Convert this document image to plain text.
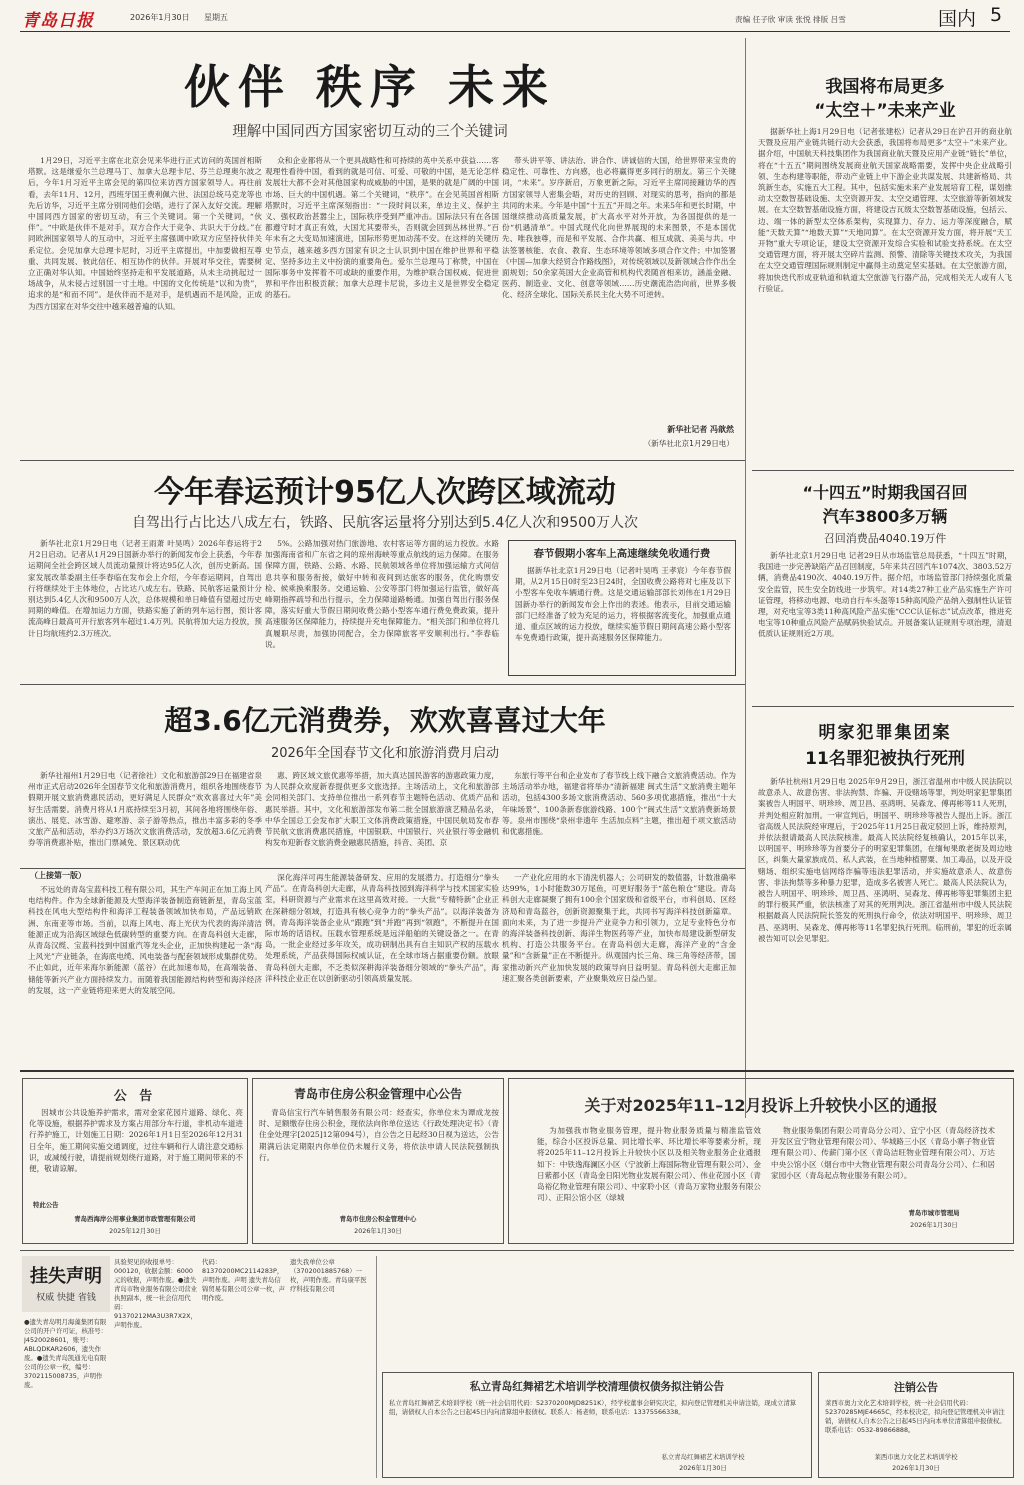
青岛日报	2026年1月30日	星期五	责编 任子欣 审读 张悦 排版 吕雪	国内 5
伙伴 秩序 未来
理解中国同西方国家密切互动的三个关键词

1月29日，习近平主席在北京会见来华进行正式访问的英国首相斯塔默。这是继爱尔兰总理马丁、加拿大总理卡尼、芬兰总理奥尔波之后，今年1月习近平主席会见的第四位来访西方国家领导人。再往前看，去年11月、12月，西班牙国王费利佩六世、法国总统马克龙等也先后访华，习近平主席分别同他们会晤，进行了深入友好交流。理解中国同西方国家的密切互动，有三个关键词。第一个关键词，“伙伴”。“中欧是伙伴不是对手，双方合作大于竞争、共识大于分歧。”在同欧洲国家领导人的互动中，习近平主席强调中欧双方应坚持伙伴关系定位。会见加拿大总理卡尼时，习近平主席提出，中加要做相互尊重、共同发展、彼此信任、相互协作的伙伴。开展对华交往，需要树立正确对华认知。中国始终坚持走和平发展道路，从未主动挑起过一场战争，从未侵占过别国一寸土地。中国的文化传统是“以和为贵”，追求的是“和而不同”。是伙伴而不是对手，是机遇而不是风险，正成为西方国家在对华交往中越来越普遍的认知。

众和企业都将从一个更具战略性和可持续的英中关系中获益……客观理性看待中国，看到的就是可信、可爱、可敬的中国，是无论怎样发展壮大都不会对其他国家构成威胁的中国，是果的就是广阔的中国市场、巨大的中国机遇。第二个关键词，“秩序”。在会见英国首相斯塔默时，习近平主席深刻指出：“一段时间以来，单边主义、保护主义、强权政治甚嚣尘上，国际秩序受到严重冲击。国际法只有在各国都遵守时才真正有效，大国尤其要带头，否则就会回到丛林世界。”百年未有之大变局加速演进，国际形势更加动荡不安。在这样的关键历史节点，越来越多西方国家有识之士认识到中国在维护世界和平稳定、坚持多边主义中扮演的重要角色。爱尔兰总理马丁称赞，中国在国际事务中发挥着不可或缺的重要作用，为维护联合国权威、促进世界和平作出积极贡献；加拿大总理卡尼说，多边主义是世界安全稳定的基石。

带头讲平等、讲法治、讲合作、讲诚信的大国，给世界带来宝贵的稳定性、可靠性、方向感，也必将赢得更多同行的朋友。第三个关键词，“未来”。岁序新启，万象更新之际，习近平主席同接踵访华的西方国家领导人密集会晤，对历史的回顾、对现实的思考，指向的都是共同的未来。今年是中国“十五五”开局之年。未来5年和更长时期，中国继续推动高质量发展，扩大高水平对外开放，为各国提供的是一份“机遇清单”。中国式现代化向世界展现的未来图景，不是本国优先、唯我独尊，而是和平发展、合作共赢、相互成就、美美与共。中法签署核能、农食、教育、生态环境等领域多项合作文件；中加签署《中国—加拿大经贸合作路线图》，对传统领域以及新领域合作作出全面规划；50余家英国大企业高管和机构代表随首相来访，涵盖金融、医药、制造业、文化、创意等领域……历史潮流浩浩向前，世界多极化、经济全球化、国际关系民主化大势不可逆转。

新华社记者 冯歆然
（新华社北京1月29日电）
我国将布局更多
“太空＋”未来产业

据新华社上海1月29日电（记者张建松）记者从29日在沪召开的商业航天暨及应用产业链共链行动大会获悉，我国将布局更多“太空＋”未来产业。据介绍，中国航天科技集团作为我国商业航天暨及应用产业链“链长”单位，将在“十五五”期间围绕发展商业航天国家战略需要，发挥中央企业战略引领、生态构建等职能，带动产业链上中下游企业共谋发展、共建新格局、共筑新生态，实施五大工程。其中，包括实施未来产业发展培育工程，谋划推动太空数智基础设施、太空资源开发、太空交通管理、太空旅游等新领域发展。在太空数智基础设施方面，将建设吉瓦级太空数智基础设施，包括云、边、端一体的新型太空体系架构，实现算力、存力、运力等深度融合，赋能“天数天算”“地数天算”“天地同算”。在太空资源开发方面，将开展“天工开物”重大专项论证，建设太空资源开发综合实验和试验支持系统。在太空交通管理方面，将开展太空碎片监测、预警、清除等关键技术攻关，为我国在太空交通管理国际规则制定中赢得主动奠定坚实基础。在太空旅游方面，将加快迭代形成亚轨道和轨道太空旅游飞行器产品，完成相关无人或有人飞行验证。

今年春运预计95亿人次跨区域流动
自驾出行占比达八成左右，铁路、民航客运量将分别达到5.4亿人次和9500万人次

新华社北京1月29日电（记者王雨萧 叶昊鸣）2026年春运将于2月2日启动。记者从1月29日国新办举行的新闻发布会上获悉，今年春运期间全社会跨区域人员流动量预计将达95亿人次，创历史新高。国家发展改革委副主任李春临在发布会上介绍，今年春运期间，自驾出行将继续处于主体地位，占比达八成左右。铁路、民航客运量预计分别达到5.4亿人次和9500万人次，总体规模和单日峰值有望超过历史同期的峰值。在增加运力方面，铁路实施了新的列车运行图，预计客流高峰日最高可开行旅客列车超过1.4万列。民航将加大运力投放，预计日均航班约2.3万班次。

5%。公路加强对热门旅游地、农村客运等方面的运力投放。水路加强海南省和广东省之间的琼州海峡等重点航线的运力保障。在服务保障方面，铁路、公路、水路、民航领域各单位将加强运输方式间信息共享和服务衔接，做好中转和夜间到达旅客的服务，优化购票安检、候乘换乘服务。交通运输、公安等部门将加强运行监管，做好高峰期指挥疏导和出行提示，全力保障道路畅通。加强自驾出行服务保障，落实好重大节假日期间收费公路小型客车通行费免费政策，提升高速服务区保障能力，持续提升充电保障能力。“相关部门和单位将几真履职尽责，加强协同配合，全力保障旅客平安顺利出行。”李春临说。

春节假期小客车上高速继续免收通行费

据新华社北京1月29日电（记者叶昊鸣 王孝宸）今年春节假期，从2月15日0时至23日24时，全国收费公路将对七座及以下小型客车免收车辆通行费。这是交通运输部部长刘伟在1月29日国新办举行的新闻发布会上作出的表述。他表示，目前交通运输部门已经准备了较为充足的运力，将根据客流变化，加强重点通道、重点区域的运力投放，继续实施节假日期间高速公路小型客车免费通行政策，提升高速服务区保障能力。

“十四五”时期我国召回
汽车3800多万辆
召回消费品4040.19万件

新华社北京1月29日电 记者29日从市场监管总局获悉，“十四五”时期，我国进一步完善缺陷产品召回制度，5年来共召回汽车1074次、3803.52万辆，消费品4190次、4040.19万件。据介绍，市场监管部门持续强化质量安全监管，民生安全防线进一步筑牢。对14类27种工业产品实施生产许可证管理，将移动电源、电动自行车头盔等15种高风险产品纳入强制性认证管理，对充电宝等3类11种高风险产品实施“CCC认证标志”试点改革，推进充电宝等10种重点风险产品赋码快验试点。开展备案认证规则专项治理，清退低质认证规则近2万项。

超3.6亿元消费券，欢欢喜喜过大年
2026年全国春节文化和旅游消费月启动

新华社福州1月29日电（记者徐社）文化和旅游部29日在福建省泉州市正式启动2026年全国春节文化和旅游消费月，组织各地围绕春节假期开展文旅消费惠民活动，更好满足人民群众“欢欢喜喜过大年”美好生活需要。消费月将从1月底持续至3月初，其间各地将围绕年俗、演出、展览、冰雪游、避寒游、亲子游等热点，推出丰富多彩的冬季文旅产品和活动，举办约3万场次文旅消费活动，发放超3.6亿元消费券等消费惠补贴，推出门票减免、景区联动优

惠、跨区域文旅优惠等举措，加大真达国民游客的游惠政策力度，为人民群众欢度新春提供更多文旅选择。主场活动上，文化和旅游部会同相关部门、支持单位推出一系列春节主题特色活动、优质产品和惠民举措。其中，文化和旅游部发布第二批全国旅游演艺精品名录，中华全国总工会发布扩大职工文体消费政策措施，中国民航局发布春节民航文旅消费惠民措施，中国银联、中国银行、兴业银行等金融机构发布迎新春文旅消费金融惠民措施，抖音、美团、京

东旅行等平台和企业发布了春节线上线下融合文旅消费活动。作为主场活动举办地，福建省将举办“清新福建 闽式生活”文旅消费主题年活动，包括4300多场文旅消费活动、560多项优惠措施，推出“十大年味场景”、100条新春旅游线路、100个“闽式生活”文旅消费新场景等。泉州市围绕“泉州非遗年 生活加点料”主题，推出超千项文旅活动和优惠措施。

明家犯罪集团案
11名罪犯被执行死刑

新华社杭州1月29日电 2025年9月29日，浙江省温州市中级人民法院以故意杀人、故意伤害、非法拘禁、诈骗、开设赌场等罪，判处明家犯罪集团案被告人明国平、明珍珍、周卫昌、巫鸿明、吴森龙、傅再彬等11人死刑，并判处相应附加刑。一审宣判后，明国平、明珍珍等被告人提出上诉。浙江省高级人民法院经审理后，于2025年11月25日裁定驳回上诉，维持原判，并依法报请最高人民法院核准。最高人民法院经复核确认，2015年以来，以明国平、明珍珍等为首要分子的明家犯罪集团，在缅甸果敢老街及周边地区，纠集大量家族成员、私人武装，在当地种植罂粟、加工毒品，以及开设赌场、组织实施电信网络诈骗等违法犯罪活动，并实施故意杀人、故意伤害、非法拘禁等多种暴力犯罪，造成多名被害人死亡。最高人民法院认为，被告人明国平、明珍珍、周卫昌、巫鸿明、吴森龙、傅再彬等犯罪集团主犯的罪行极其严重，依法核准了对其的死刑判决。浙江省温州市中级人民法院根据最高人民法院院长签发的死刑执行命令，依法对明国平、明珍珍、周卫昌、巫鸿明、吴森龙、傅再彬等11名罪犯执行死刑。临刑前，罪犯的近亲属被告知可以会见罪犯。

（上接第一版）

不远处的青岛宝蓝科技工程有限公司，其生产车间正在加工海上风电结构件。作为全球新能源及大型海洋装备制造商链新星，青岛宝蓝科技在风电大型结构件和海洋工程装备领域加快布局，产品远销欧洲、东南亚等市场。当前，以海上风电、海上光伏为代表的海洋清洁能源正成为沿海区域绿色低碳转型的重要方向。在青岛科创大走廊，从青岛汉缆、宝蓝科技到中国重汽等龙头企业，正加快构建起一条“海上风光”产业链条，在海底电缆、风电装备与配套领域形成集群优势。不止如此，近年来海尔新能源（蓝谷）在此加速布局，在高端装备、储能等新兴产业方面持续发力。而随着我国能源结构转型和海洋经济的发展，这一产业链将迎来更大的发展空间。

深化海洋可再生能源装备研发、应用的发展潜力。打造细分“拳头产品”。在青岛科创大走廊，从青岛科技园到海洋科学与技术国家实验室，科研资源与产业需求在这里高效对接。一大批“专精特新”企业正在深耕细分领域，打造具有核心竞争力的“拳头产品”。以海洋装备为例，青岛海洋装备企业从“跟跑”到“并跑”再到“领跑”，不断提升在国际市场的话语权。压载水管理系统是远洋船舶的关键设备之一。在青岛，一批企业经过多年攻关，成功研制出具有自主知识产权的压载水处理系统，产品获得国际权威认证，在全球市场占据重要份额。放眼青岛科创大走廊，不乏类似深耕海洋装备细分领域的“拳头产品”，海洋科技企业正在以创新驱动引领高质量发展。

一产业化应用的水下清洗机器人；公司研发的数值器，计数准确率达99%，1小时能数30万尾鱼，可更好服务于“蓝色粮仓”建设。青岛科创大走廊凝聚了拥有100余个国家级和省级平台，市科创局、区经济局和青岛蓝谷，创新资源聚集于此，共同书写海洋科技创新篇章。面向未来，为了进一步提升产业竞争力和引领力，立足专业特色分布的海洋装备科技创新、海洋生物医药等产业，加快布局建设新型研发机构、打造公共服务平台。在青岛科创大走廊，海洋产业的“含金量”和“含新量”正在不断提升。纵观国内长三角、珠三角等经济带，国家推动新兴产业加快发展的政策导向日益明显。青岛科创大走廊正加速汇聚各类创新要素，产业聚集效应日益凸显。

公 告

因城市公共设施养护需求，需对金家花园片道路、绿化、亮化等设施，根据养护需求及方案占用部分车行道，非机动车道进行养护施工，计划施工日期：2026年1月1日至2026年12月31日全年，施工期间实施交通调度，过往车辆和行人请注意交通标识，或减缓行驶，请提前规划绕行道路，对于施工期间带来的不便，敬请谅解。

特此公告
青岛西海岸公用事业集团市政管理有限公司
2025年12月30日
青岛市住房公积金管理中心公告

青岛信宝行汽车销售服务有限公司：经查实，你单位未为谭成龙按时、足额缴存住房公积金，现依法向你单位送达《行政处理决定书》（青住金处理字[2025]12第094号），自公告之日起经30日视为送达，公告期满后法定期限内你单位仍未履行义务，将依法申请人民法院强制执行。

青岛市住房公积金管理中心
2026年1月30日
关于对2025年11–12月投诉上升较快小区的通报

为加强我市物业服务管理，提升物业服务质量与精准监管效能，综合小区投诉总量、同比增长率、环比增长率等要素分析，现将2025年11–12月投诉上升较快小区以及相关物业服务企业通报如下：中铁逸海澜区小区（宁波新上海国际物业管理有限公司）、金日紫都小区（青岛金日阳光物业发展有限公司）、伟业花园小区（青岛裕亿物业管理有限公司）、中家聆小区（青岛万家物业服务有限公司）、正阳公馆小区（绿城

物业服务集团有限公司青岛分公司）、宜宁小区（青岛经济技术开发区宜宁物业管理有限公司）、华城路三小区（青岛小寨子物业管理有限公司）、传薪门第小区（青岛洁旺物业管理有限公司）、万达中央公馆小区（烟台市中大物业管理有限公司青岛分公司）、仁和居家园小区（青岛起点物业服务有限公司）。

青岛市城市管理局
2026年1月30日
挂失声明
权威 快捷 省钱

●遗失青岛明月海藻集团有限公司的开户许可证，核准号：J4520028601，账号：ABLQDKAR2606，遗失作废。●遗失青岛凯通光电有限公司的公章一枚，编号：3702115008735，声明作废。

具验契见的收报单号：000120，收据金额：6000元的收据，声明作废。●遗失青岛市物业服务有限公司营业执照副本，统一社会信用代码：91370212MA3U3R7X2X，声明作废。

代码：81370200MC2114283P，声明作废。声明 遗失青岛信锦贸易有限公司公章一枚，声明作废。

遗失我单位公章（3702001885768）一枚，声明作废。青岛康平医疗科技有限公司

私立青岛红舞裙艺术培训学校清理债权债务拟注销公告

私立青岛红舞裙艺术培训学校（统一社会信用代码：52370200MJD8251K），经学校董事会研究决定，拟向登记管理机关申请注销，现成立清算组，请债权人自本公告之日起45日内向清算组申报债权。联系人：杨老师，联系电话：13375566338。

私立青岛红舞裙艺术培训学校
2026年1月30日
注销公告

莱西市奥力文化艺术培训学校，统一社会信用代码：52370285MJE4665C，经本校决定，拟向登记管理机关申请注销，请债权人自本公告之日起45日内向本单位清算组申报债权。联系电话：0532-89866888。

莱西市奥力文化艺术培训学校
2026年1月30日
